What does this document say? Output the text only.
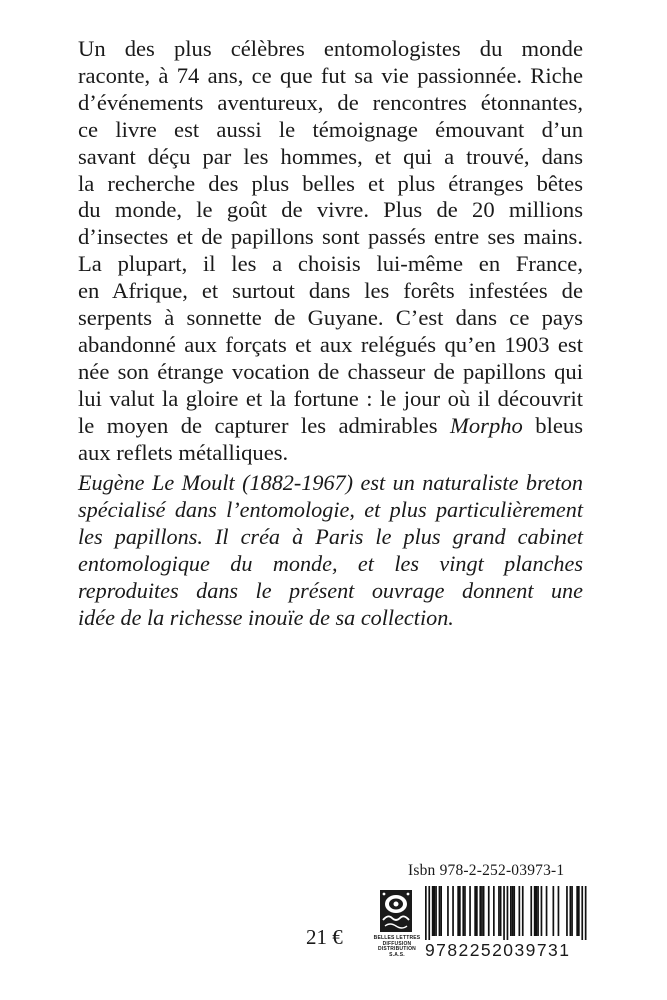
Un des plus célèbres entomologistes du monde
raconte, à 74 ans, ce que fut sa vie passionnée. Riche
d’événements aventureux, de rencontres étonnantes,
ce livre est aussi le témoignage émouvant d’un
savant déçu par les hommes, et qui a trouvé, dans
la recherche des plus belles et plus étranges bêtes
du monde, le goût de vivre. Plus de 20 millions
d’insectes et de papillons sont passés entre ses mains.
La plupart, il les a choisis lui-même en France,
en Afrique, et surtout dans les forêts infestées de
serpents à sonnette de Guyane. C’est dans ce pays
abandonné aux forçats et aux relégués qu’en 1903 est
née son étrange vocation de chasseur de papillons qui
lui valut la gloire et la fortune : le jour où il découvrit
le moyen de capturer les admirables Morpho bleus
aux reflets métalliques.
Eugène Le Moult (1882-1967) est un naturaliste breton
spécialisé dans l’entomologie, et plus particulièrement
les papillons. Il créa à Paris le plus grand cabinet
entomologique du monde, et les vingt planches
reproduites dans le présent ouvrage donnent une
idée de la richesse inouïe de sa collection.
Isbn 978-2-252-03973-1
21 €	BELLES LETTRES
DIFFUSION
DISTRIBUTION
S.A.S.	9782252039731
